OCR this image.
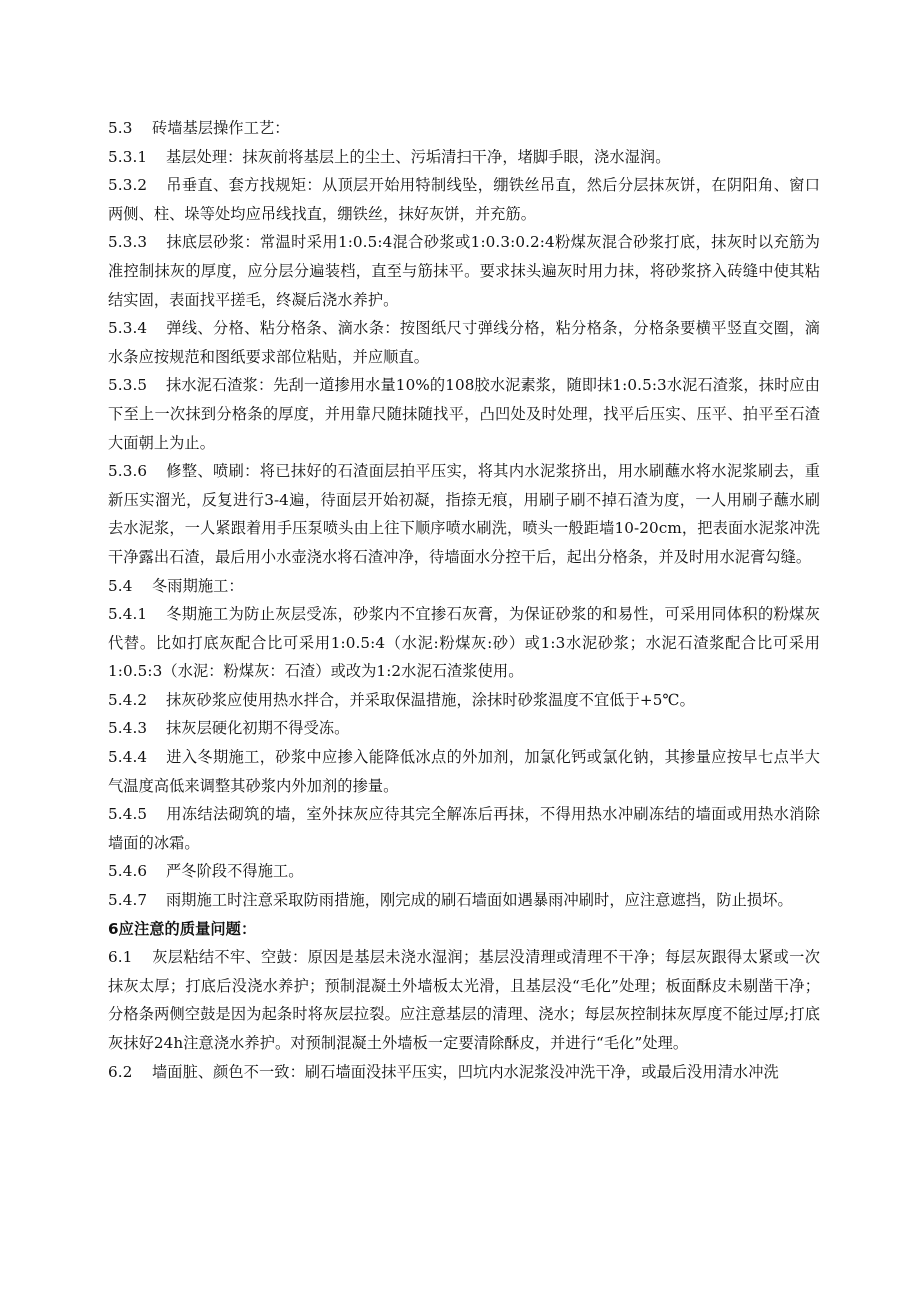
5.3 砖墙基层操作工艺：

5.3.1 基层处理：抹灰前将基层上的尘土、污垢清扫干净，堵脚手眼，浇水湿润。

5.3.2 吊垂直、套方找规矩：从顶层开始用特制线坠，绷铁丝吊直，然后分层抹灰饼，在阴阳角、窗口两侧、柱、垛等处均应吊线找直，绷铁丝，抹好灰饼，并充筋。

5.3.3 抹底层砂浆：常温时采用1:0.5:4混合砂浆或1:0.3:0.2:4粉煤灰混合砂浆打底，抹灰时以充筋为准控制抹灰的厚度，应分层分遍装档，直至与筋抹平。要求抹头遍灰时用力抹，将砂浆挤入砖缝中使其粘结实固，表面找平搓毛，终凝后浇水养护。

5.3.4 弹线、分格、粘分格条、滴水条：按图纸尺寸弹线分格，粘分格条，分格条要横平竖直交圈，滴水条应按规范和图纸要求部位粘贴，并应顺直。

5.3.5 抹水泥石渣浆：先刮一道掺用水量10%的108胶水泥素浆，随即抹1:0.5:3水泥石渣浆，抹时应由下至上一次抹到分格条的厚度，并用靠尺随抹随找平，凸凹处及时处理，找平后压实、压平、拍平至石渣大面朝上为止。

5.3.6 修整、喷刷：将已抹好的石渣面层拍平压实，将其内水泥浆挤出，用水刷蘸水将水泥浆刷去，重新压实溜光，反复进行3-4遍，待面层开始初凝，指捺无痕，用刷子刷不掉石渣为度，一人用刷子蘸水刷去水泥浆，一人紧跟着用手压泵喷头由上往下顺序喷水刷洗，喷头一般距墙10-20cm，把表面水泥浆冲洗干净露出石渣，最后用小水壶浇水将石渣冲净，待墙面水分控干后，起出分格条，并及时用水泥膏勾缝。

5.4 冬雨期施工：

5.4.1 冬期施工为防止灰层受冻，砂浆内不宜掺石灰膏，为保证砂浆的和易性，可采用同体积的粉煤灰代替。比如打底灰配合比可采用1:0.5:4（水泥:粉煤灰:砂）或1:3水泥砂浆；水泥石渣浆配合比可采用1:0.5:3（水泥：粉煤灰：石渣）或改为1:2水泥石渣浆使用。

5.4.2 抹灰砂浆应使用热水拌合，并采取保温措施，涂抹时砂浆温度不宜低于+5℃。

5.4.3 抹灰层硬化初期不得受冻。

5.4.4 进入冬期施工，砂浆中应掺入能降低冰点的外加剂，加氯化钙或氯化钠，其掺量应按早七点半大气温度高低来调整其砂浆内外加剂的掺量。

5.4.5 用冻结法砌筑的墙，室外抹灰应待其完全解冻后再抹，不得用热水冲刷冻结的墙面或用热水消除墙面的冰霜。

5.4.6 严冬阶段不得施工。

5.4.7 雨期施工时注意采取防雨措施，刚完成的刷石墙面如遇暴雨冲刷时，应注意遮挡，防止损坏。

6应注意的质量问题：

6.1 灰层粘结不牢、空鼓：原因是基层未浇水湿润；基层没清理或清理不干净；每层灰跟得太紧或一次抹灰太厚；打底后没浇水养护；预制混凝土外墙板太光滑，且基层没“毛化”处理；板面酥皮未剔凿干净；分格条两侧空鼓是因为起条时将灰层拉裂。应注意基层的清理、浇水；每层灰控制抹灰厚度不能过厚;打底灰抹好24h注意浇水养护。对预制混凝土外墙板一定要清除酥皮，并进行“毛化”处理。

6.2 墙面脏、颜色不一致：刷石墙面没抹平压实，凹坑内水泥浆没冲洗干净，或最后没用清水冲洗
